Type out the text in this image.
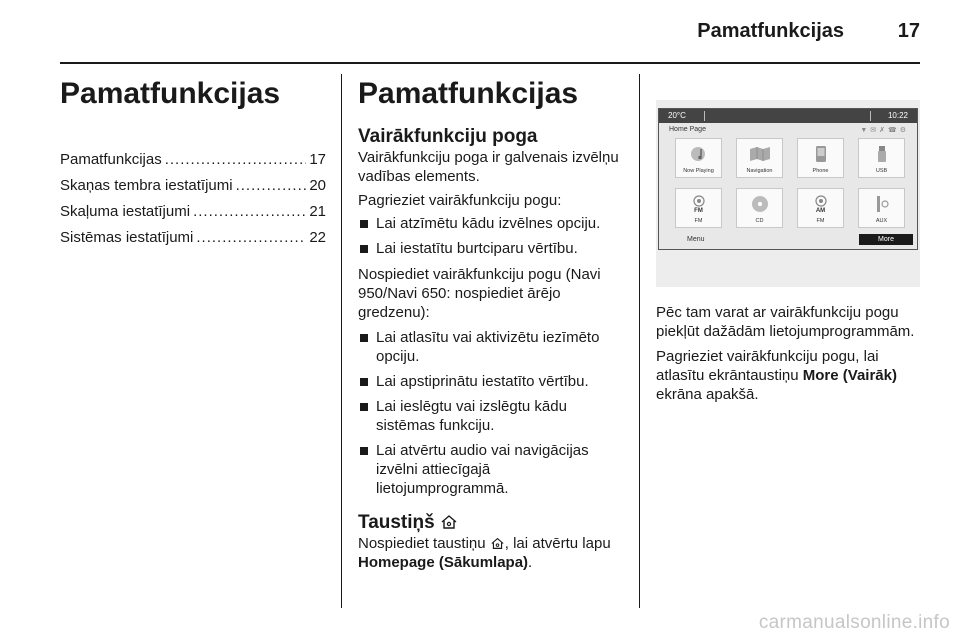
Pamatfunkcijas	17
Pamatfunkcijas
Pamatfunkcijas .....	17
Skaņas tembra iestatījumi .....	20
Skaļuma iestatījumi .....	21
Sistēmas iestatījumi .....	22
Pamatfunkcijas
Vairākfunkciju poga

Vairākfunkciju poga ir galvenais izvēlņu vadības elements.

Pagrieziet vairākfunkciju pogu:

Lai atzīmētu kādu izvēlnes opciju.
Lai iestatītu burtciparu vērtību.

Nospiediet vairākfunkciju pogu (Navi 950/Navi 650: nospiediet ārējo gredzenu):

Lai atlasītu vai aktivizētu iezīmēto opciju.
Lai apstiprinātu iestatīto vērtību.
Lai ieslēgtu vai izslēgtu kādu sistēmas funkciju.
Lai atvērtu audio vai navigācijas izvēlni attiecīgajā lietojumprogrammā.
Taustiņš

Nospiediet taustiņu , lai atvērtu lapu Homepage (Sākumlapa).

20°C	10:22
Home Page	▼✉✗☎⚙
Now Playing	Navigation	Phone	USB
FM
FM	CD
AM
FM	AUX
Menu	More

Pēc tam varat ar vairākfunkciju pogu piekļūt dažādām lietojumprogrammām.

Pagrieziet vairākfunkciju pogu, lai atlasītu ekrāntaustiņu More (Vairāk) ekrāna apakšā.

carmanualsonline.info
